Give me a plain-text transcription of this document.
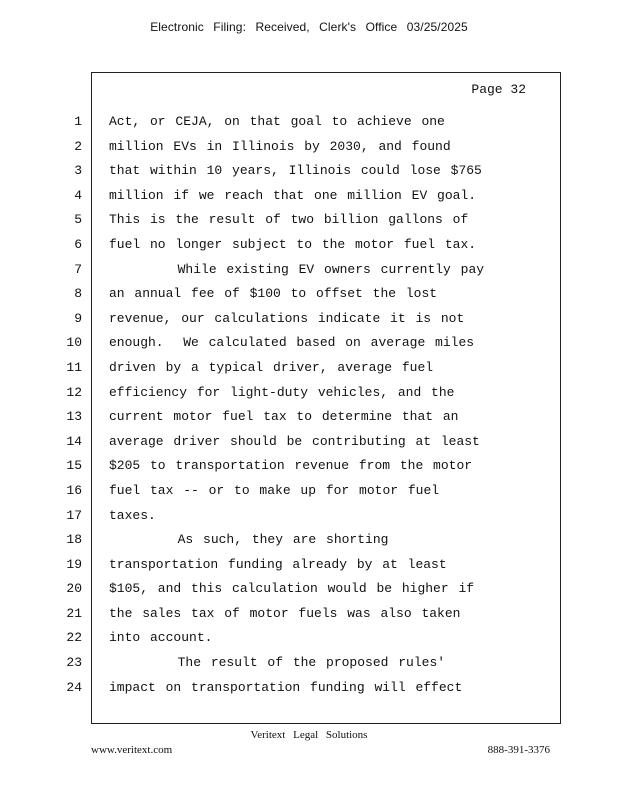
Electronic Filing: Received, Clerk's Office 03/25/2025
Page 32
1
2
3
4
5
6
7
8
9
10
11
12
13
14
15
16
17
18
19
20
21
22
23
24
Act, or CEJA, on that goal to achieve one
million EVs in Illinois by 2030, and found
that within 10 years, Illinois could lose $765
million if we reach that one million EV goal.
This is the result of two billion gallons of
fuel no longer subject to the motor fuel tax.
While existing EV owners currently pay
an annual fee of $100 to offset the lost
revenue, our calculations indicate it is not
enough.  We calculated based on average miles
driven by a typical driver, average fuel
efficiency for light-duty vehicles, and the
current motor fuel tax to determine that an
average driver should be contributing at least
$205 to transportation revenue from the motor
fuel tax -- or to make up for motor fuel
taxes.
As such, they are shorting
transportation funding already by at least
$105, and this calculation would be higher if
the sales tax of motor fuels was also taken
into account.
The result of the proposed rules'
impact on transportation funding will effect
Veritext Legal Solutions
www.veritext.com	888-391-3376
